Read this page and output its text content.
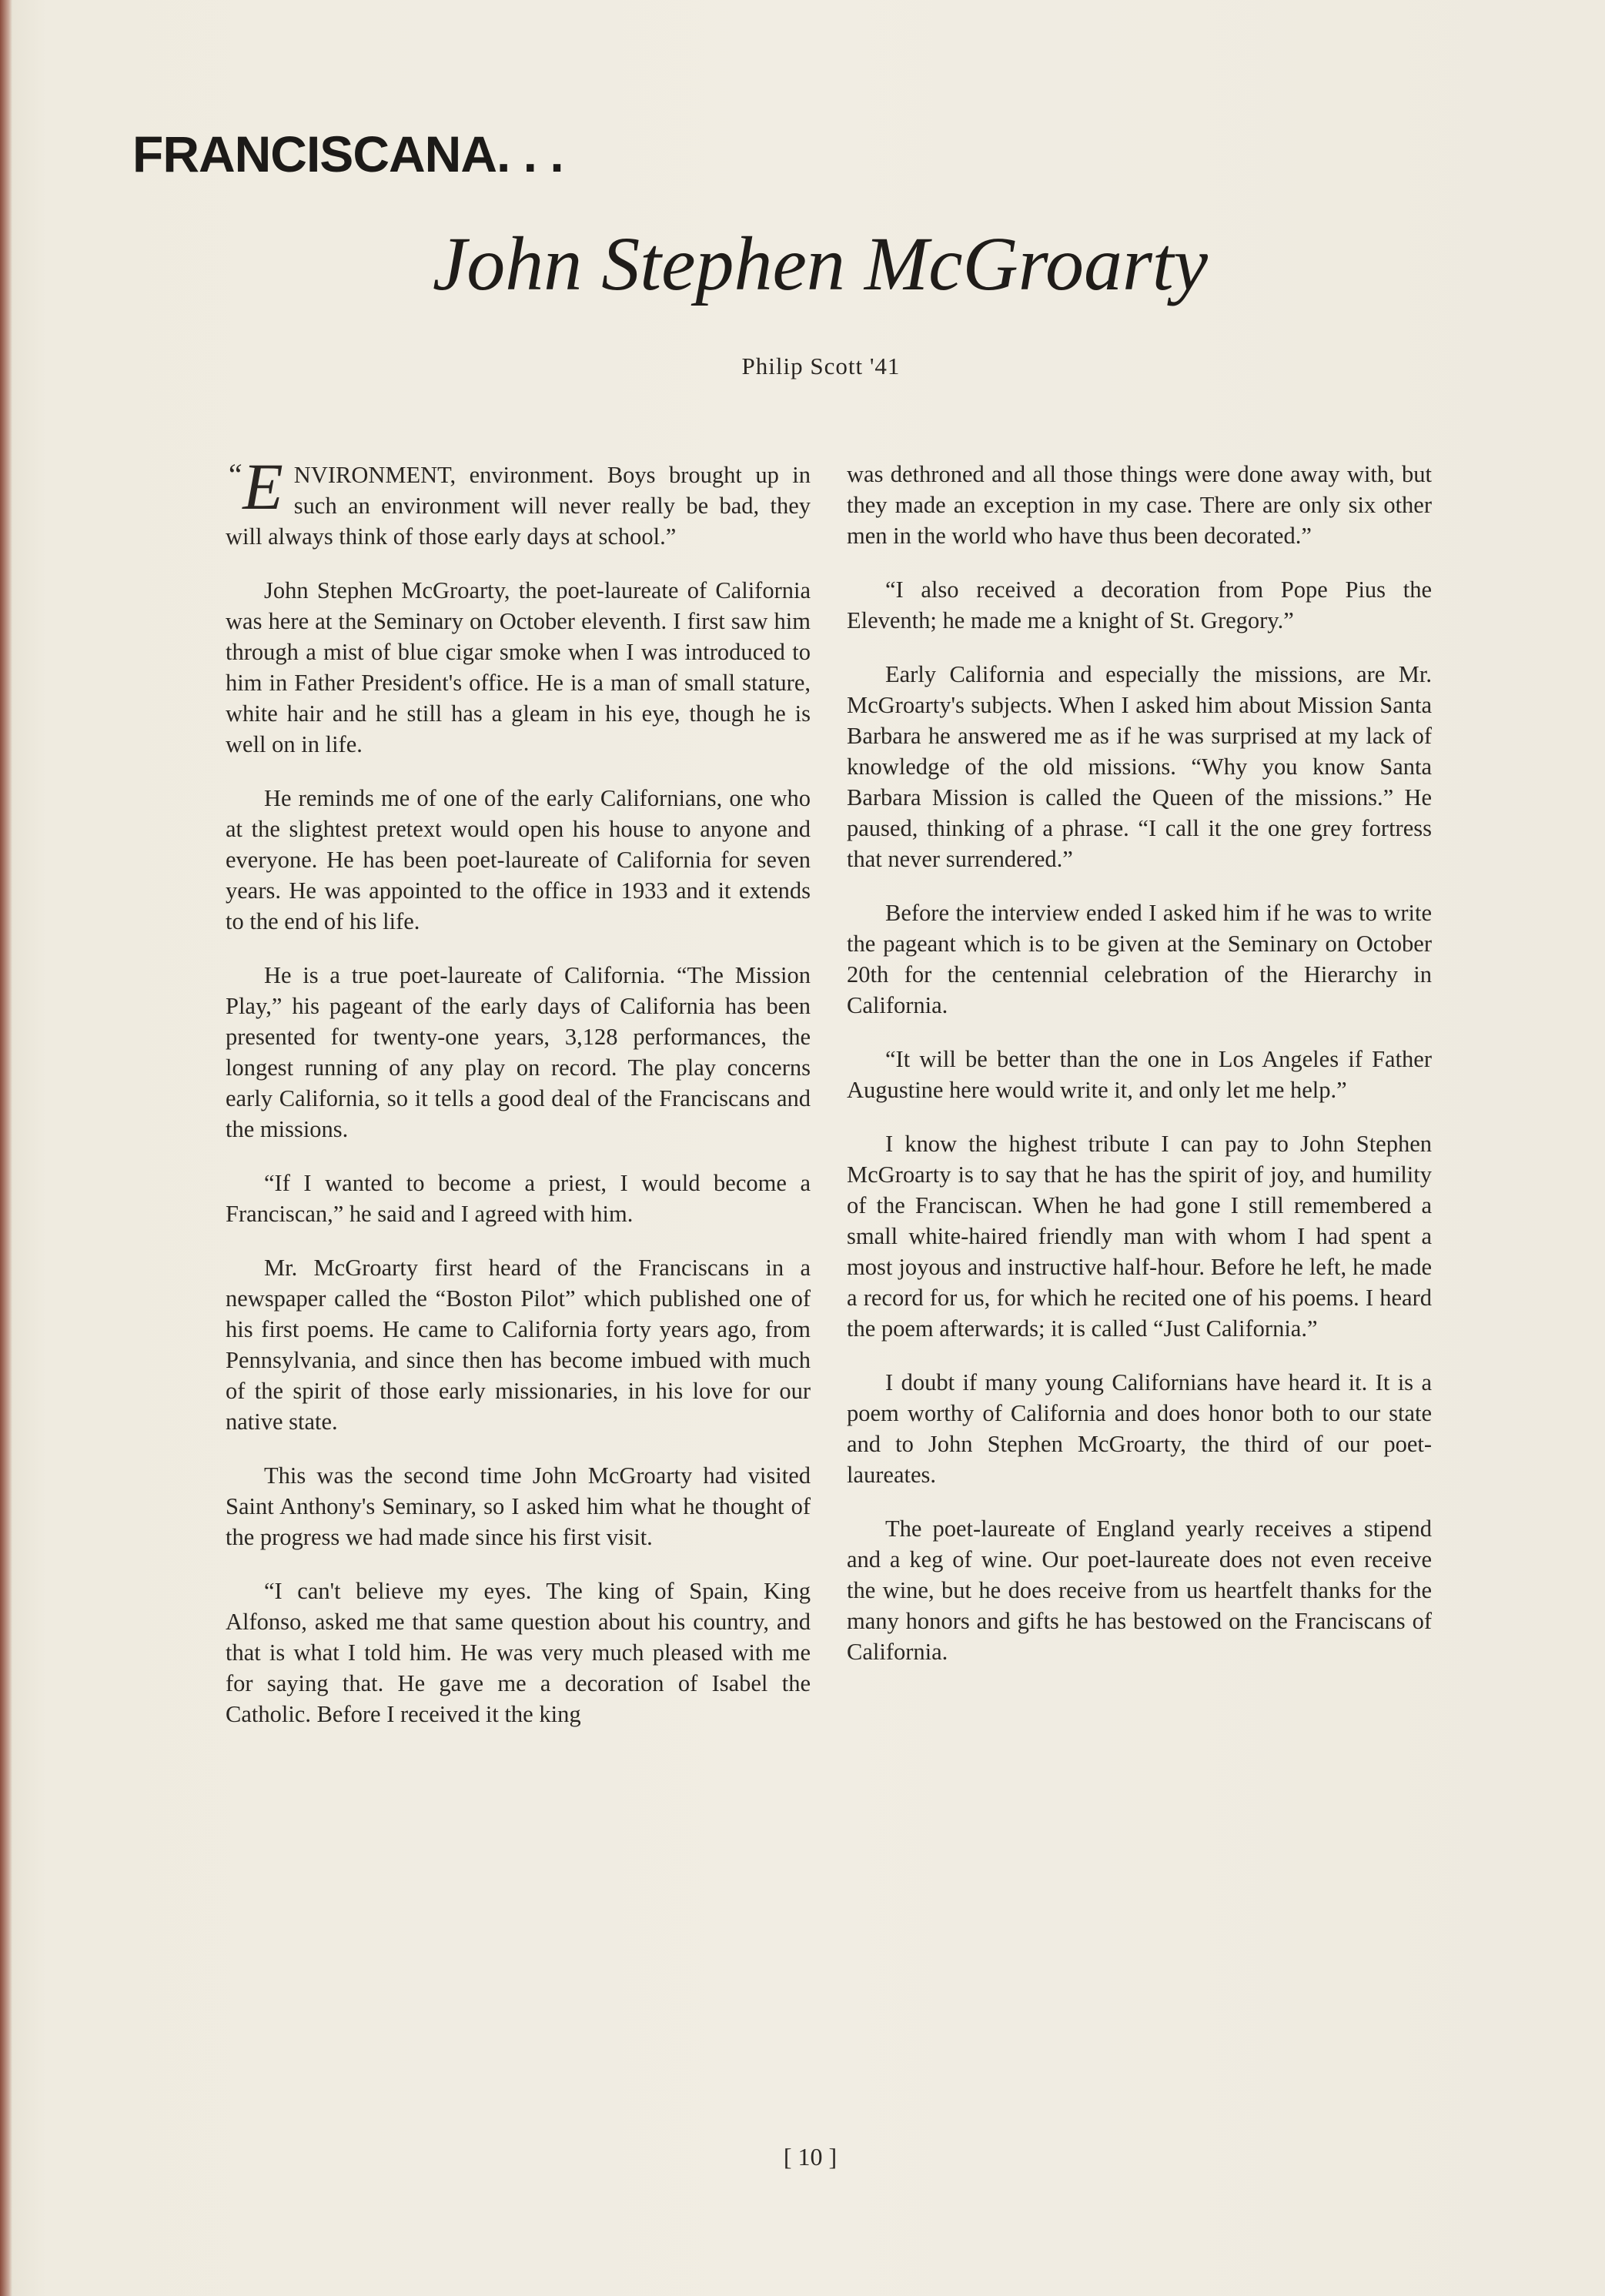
FRANCISCANA. . .
John Stephen McGroarty
Philip Scott '41

“E NVIRONMENT, environment. Boys brought up in such an environment will never really be bad, they will always think of those early days at school.”

John Stephen McGroarty, the poet-laureate of California was here at the Seminary on October eleventh. I first saw him through a mist of blue cigar smoke when I was introduced to him in Father President's office. He is a man of small stature, white hair and he still has a gleam in his eye, though he is well on in life.

He reminds me of one of the early Californians, one who at the slightest pretext would open his house to anyone and everyone. He has been poet-laureate of California for seven years. He was appointed to the office in 1933 and it extends to the end of his life.

He is a true poet-laureate of California. “The Mission Play,” his pageant of the early days of California has been presented for twenty-one years, 3,128 performances, the longest running of any play on record. The play concerns early California, so it tells a good deal of the Franciscans and the missions.

“If I wanted to become a priest, I would become a Franciscan,” he said and I agreed with him.

Mr. McGroarty first heard of the Franciscans in a newspaper called the “Boston Pilot” which published one of his first poems. He came to California forty years ago, from Pennsylvania, and since then has become imbued with much of the spirit of those early missionaries, in his love for our native state.

This was the second time John McGroarty had visited Saint Anthony's Seminary, so I asked him what he thought of the progress we had made since his first visit.

“I can't believe my eyes. The king of Spain, King Alfonso, asked me that same question about his country, and that is what I told him. He was very much pleased with me for saying that. He gave me a decoration of Isabel the Catholic. Before I received it the king

was dethroned and all those things were done away with, but they made an exception in my case. There are only six other men in the world who have thus been decorated.”

“I also received a decoration from Pope Pius the Eleventh; he made me a knight of St. Gregory.”

Early California and especially the missions, are Mr. McGroarty's subjects. When I asked him about Mission Santa Barbara he answered me as if he was surprised at my lack of knowledge of the old missions. “Why you know Santa Barbara Mission is called the Queen of the missions.” He paused, thinking of a phrase. “I call it the one grey fortress that never surrendered.”

Before the interview ended I asked him if he was to write the pageant which is to be given at the Seminary on October 20th for the centennial celebration of the Hierarchy in California.

“It will be better than the one in Los Angeles if Father Augustine here would write it, and only let me help.”

I know the highest tribute I can pay to John Stephen McGroarty is to say that he has the spirit of joy, and humility of the Franciscan. When he had gone I still remembered a small white-haired friendly man with whom I had spent a most joyous and instructive half-hour. Before he left, he made a record for us, for which he recited one of his poems. I heard the poem afterwards; it is called “Just California.”

I doubt if many young Californians have heard it. It is a poem worthy of California and does honor both to our state and to John Stephen McGroarty, the third of our poet-laureates.

The poet-laureate of England yearly receives a stipend and a keg of wine. Our poet-laureate does not even receive the wine, but he does receive from us heartfelt thanks for the many honors and gifts he has bestowed on the Franciscans of California.

[ 10 ]
